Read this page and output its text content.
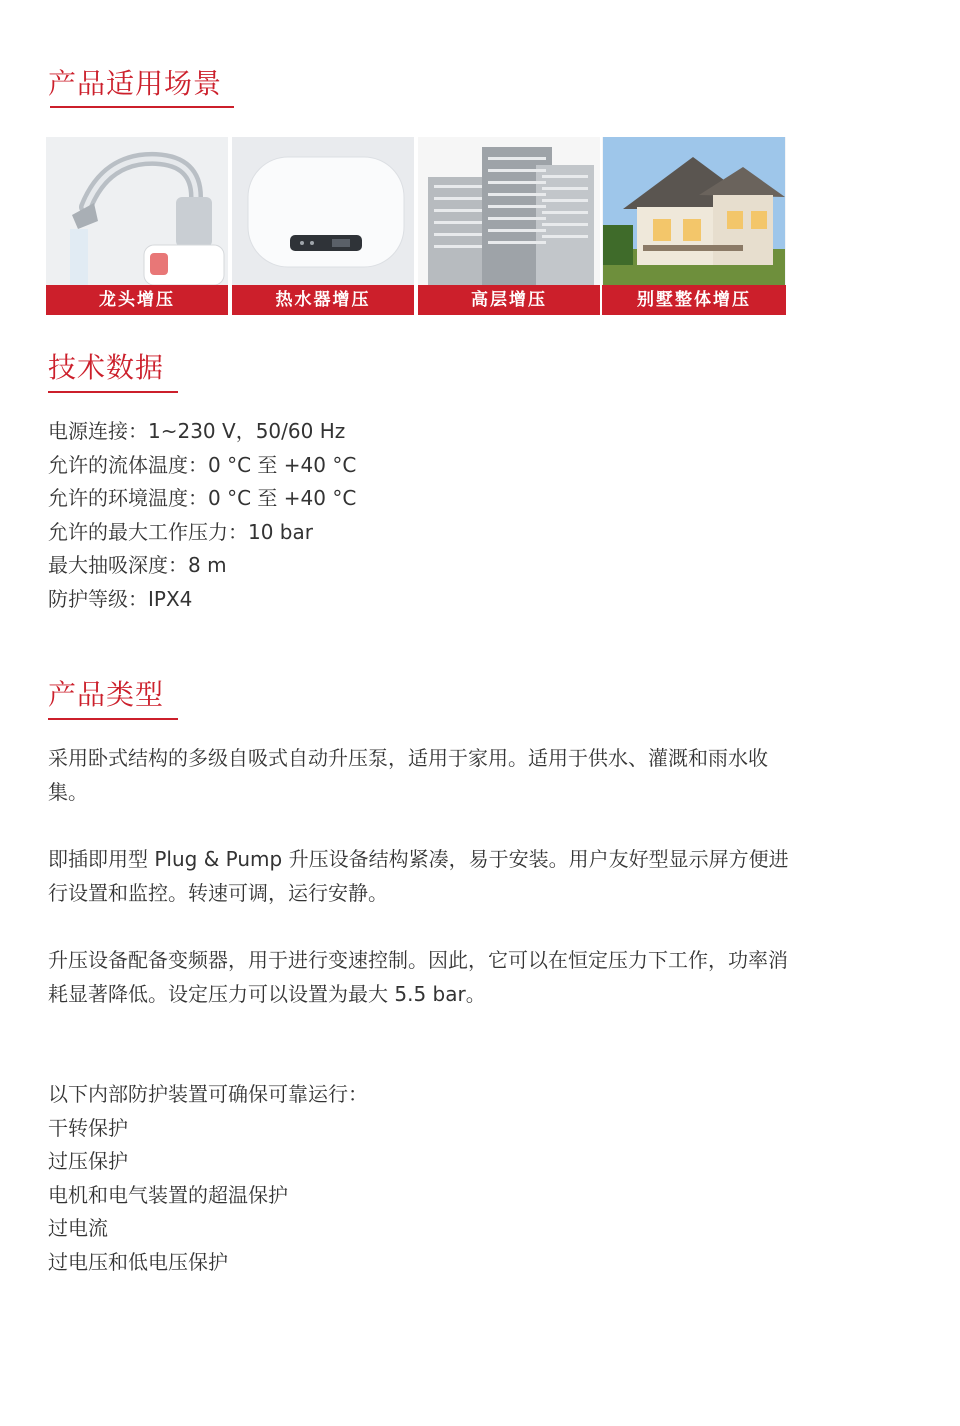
产品适用场景
龙头增压	热水器增压	高层增压	别墅整体增压
技术数据

电源连接：1~230 V，50/60 Hz

允许的流体温度：0 °C 至 +40 °C

允许的环境温度：0 °C 至 +40 °C

允许的最大工作压力：10 bar

最大抽吸深度：8 m

防护等级：IPX4

产品类型

采用卧式结构的多级自吸式自动升压泵，适用于家用。适用于供水、灌溉和雨水收集。

即插即用型 Plug & Pump 升压设备结构紧凑，易于安装。用户友好型显示屏方便进行设置和监控。转速可调，运行安静。

升压设备配备变频器，用于进行变速控制。因此，它可以在恒定压力下工作，功率消耗显著降低。设定压力可以设置为最大 5.5 bar。

以下内部防护装置可确保可靠运行：

干转保护

过压保护

电机和电气装置的超温保护

过电流

过电压和低电压保护
